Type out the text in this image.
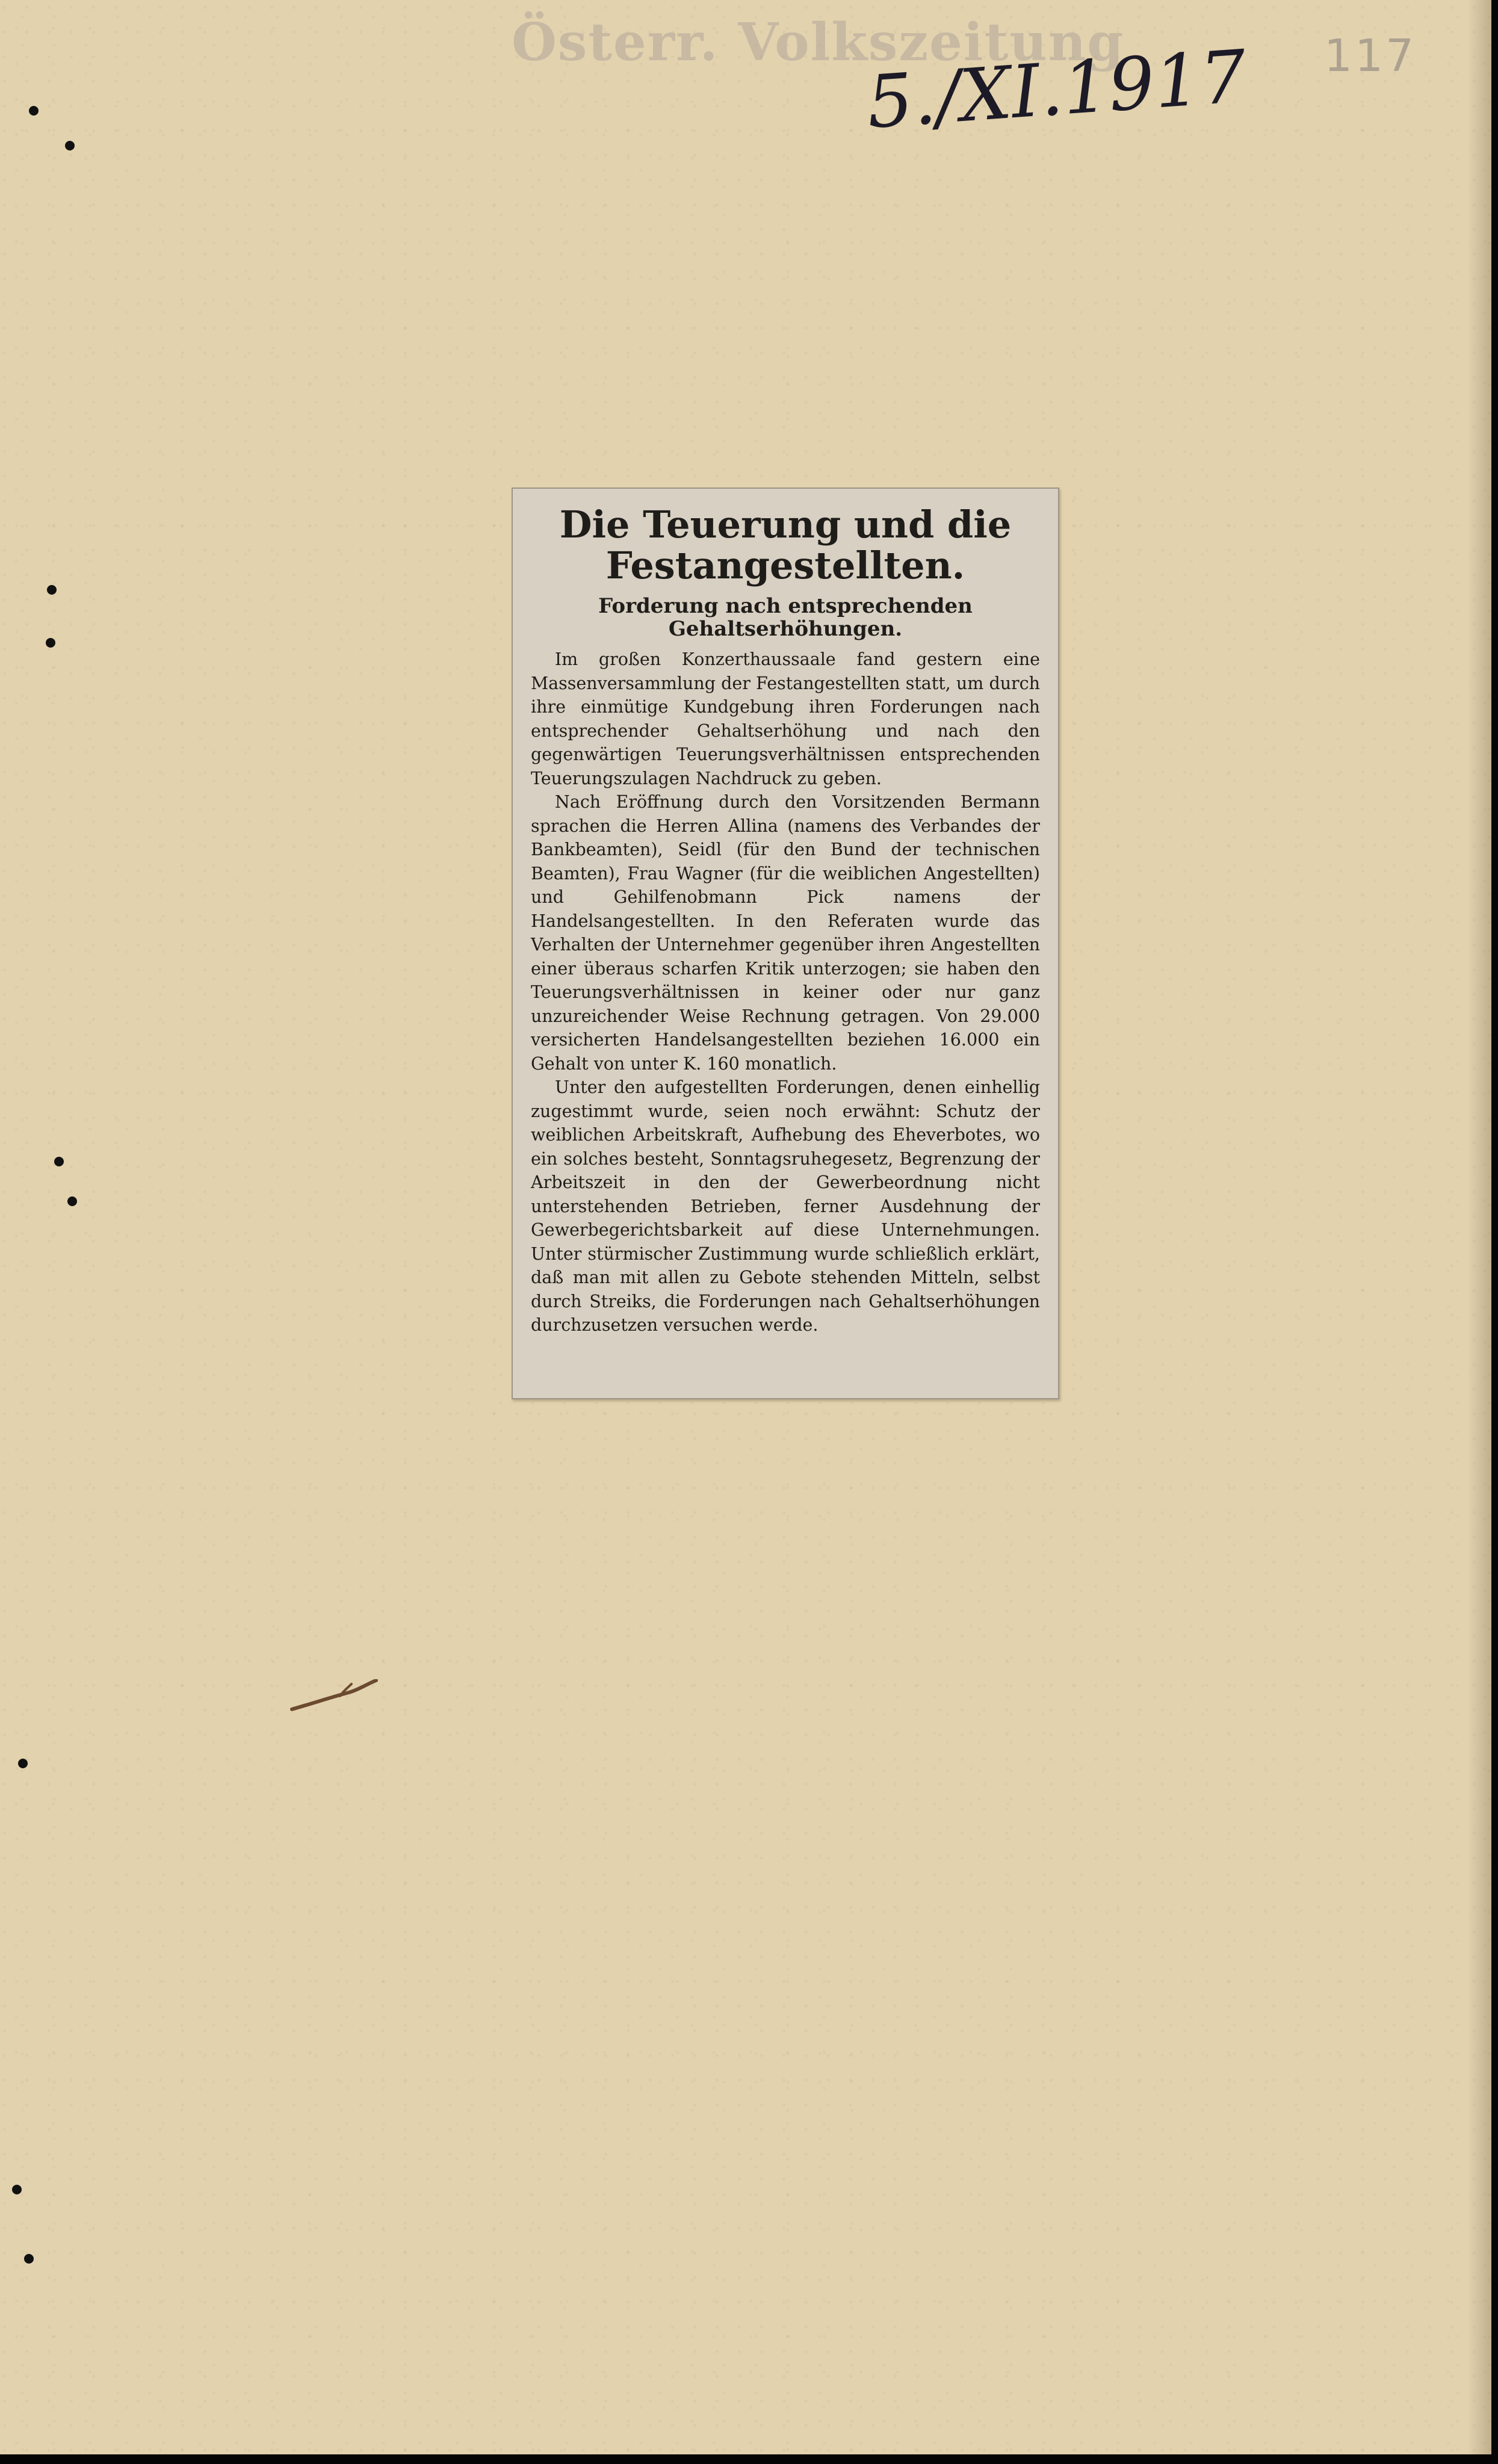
Österr. Volkszeitung
5./XI.1917 117
Die Teuerung und die Festangestellten.
Forderung nach entsprechenden Gehaltserhöhungen.

Im großen Konzerthaussaale fand gestern eine Massenversammlung der Festangestellten statt, um durch ihre einmütige Kundgebung ihren Forderungen nach entsprechender Gehaltserhöhung und nach den gegenwärtigen Teuerungsverhältnissen entsprechenden Teuerungszulagen Nachdruck zu geben.

Nach Eröffnung durch den Vorsitzenden Bermann sprachen die Herren Allina (namens des Verbandes der Bankbeamten), Seidl (für den Bund der technischen Beamten), Frau Wagner (für die weiblichen Angestellten) und Gehilfenobmann Pick namens der Handelsangestellten. In den Referaten wurde das Verhalten der Unternehmer gegenüber ihren Angestellten einer überaus scharfen Kritik unterzogen; sie haben den Teuerungsverhältnissen in keiner oder nur ganz unzureichender Weise Rechnung getragen. Von 29.000 versicherten Handelsangestellten beziehen 16.000 ein Gehalt von unter K. 160 monatlich.

Unter den aufgestellten Forderungen, denen einhellig zugestimmt wurde, seien noch erwähnt: Schutz der weiblichen Arbeitskraft, Aufhebung des Eheverbotes, wo ein solches besteht, Sonntagsruhegesetz, Begrenzung der Arbeitszeit in den der Gewerbeordnung nicht unterstehenden Betrieben, ferner Ausdehnung der Gewerbegerichtsbarkeit auf diese Unternehmungen. Unter stürmischer Zustimmung wurde schließlich erklärt, daß man mit allen zu Gebote stehenden Mitteln, selbst durch Streiks, die Forderungen nach Gehaltserhöhungen durchzusetzen versuchen werde.
